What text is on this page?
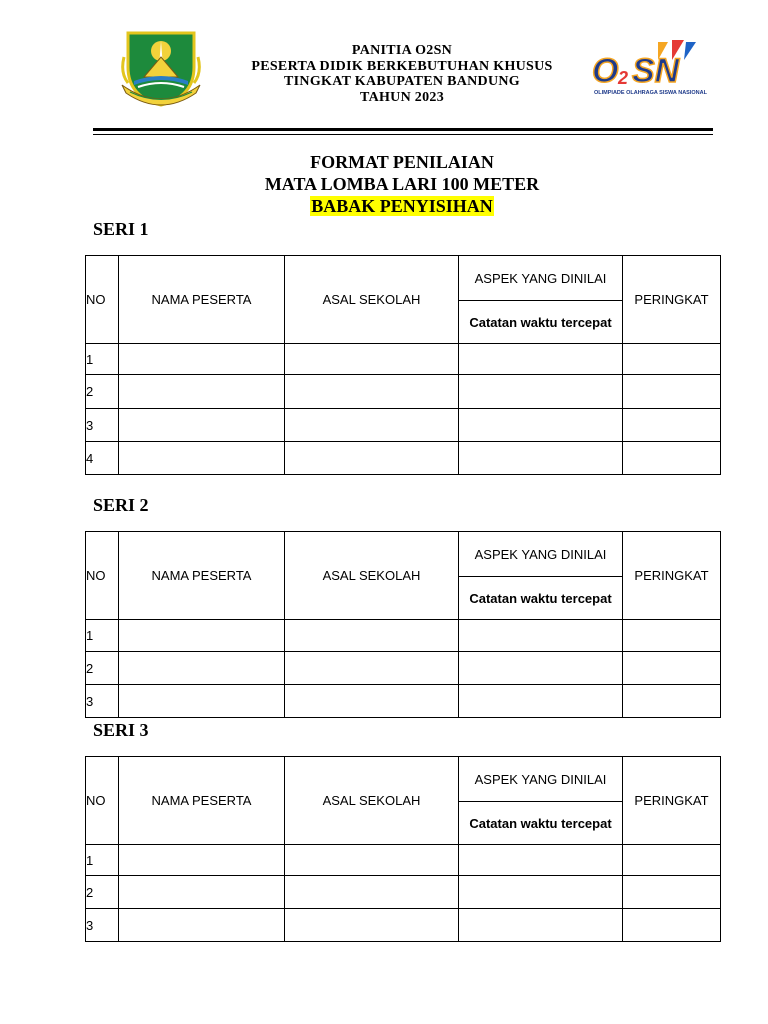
O 2 SN
OLIMPIADE OLAHRAGA SISWA NASIONAL
PANITIA O2SN
PESERTA DIDIK BERKEBUTUHAN KHUSUS
TINGKAT KABUPATEN BANDUNG
TAHUN 2023
FORMAT PENILAIAN
MATA LOMBA LARI 100 METER
BABAK PENYISIHAN
SERI 1
NO	NAMA PESERTA	ASAL SEKOLAH	ASPEK YANG DINILAI	PERINGKAT
			Catatan waktu tercepat	
1				
2				
3				
4				
SERI 2
NO	NAMA PESERTA	ASAL SEKOLAH	ASPEK YANG DINILAI	PERINGKAT
			Catatan waktu tercepat	
1				
2				
3				
SERI 3
NO	NAMA PESERTA	ASAL SEKOLAH	ASPEK YANG DINILAI	PERINGKAT
			Catatan waktu tercepat	
1				
2				
3				
